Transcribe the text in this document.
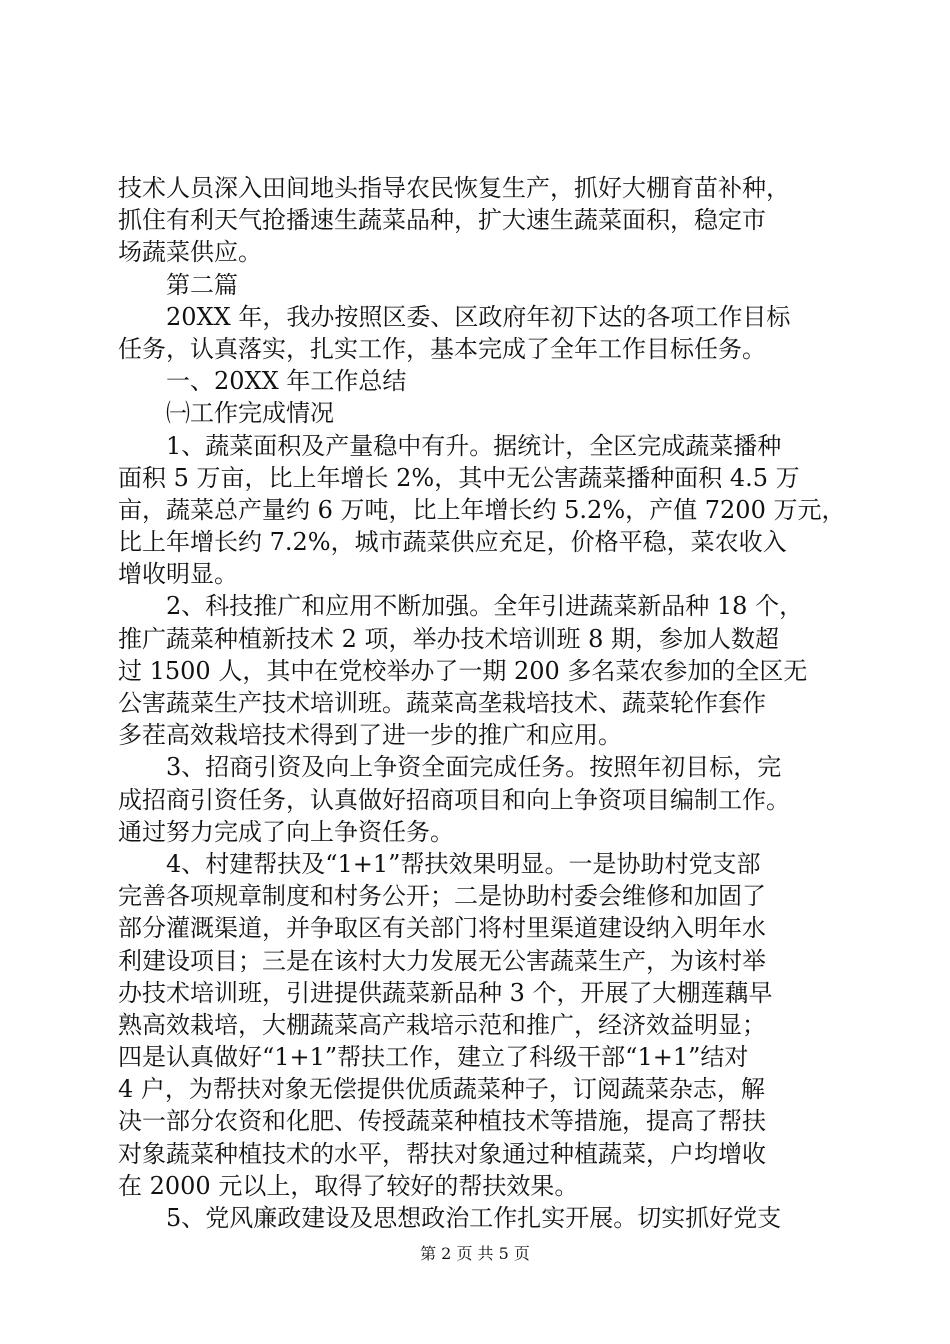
技术人员深入田间地头指导农民恢复生产，抓好大棚育苗补种，
抓住有利天气抢播速生蔬菜品种，扩大速生蔬菜面积，稳定市
场蔬菜供应。
　　第二篇
　　20XX 年，我办按照区委、区政府年初下达的各项工作目标
任务，认真落实，扎实工作，基本完成了全年工作目标任务。
　　一、20XX 年工作总结
　　㈠工作完成情况
　　1、蔬菜面积及产量稳中有升。据统计，全区完成蔬菜播种
面积 5 万亩，比上年增长 2%，其中无公害蔬菜播种面积 4.5 万
亩，蔬菜总产量约 6 万吨，比上年增长约 5.2%，产值 7200 万元，
比上年增长约 7.2%，城市蔬菜供应充足，价格平稳，菜农收入
增收明显。
　　2、科技推广和应用不断加强。全年引进蔬菜新品种 18 个，
推广蔬菜种植新技术 2 项，举办技术培训班 8 期，参加人数超
过 1500 人，其中在党校举办了一期 200 多名菜农参加的全区无
公害蔬菜生产技术培训班。蔬菜高垄栽培技术、蔬菜轮作套作
多茬高效栽培技术得到了进一步的推广和应用。
　　3、招商引资及向上争资全面完成任务。按照年初目标，完
成招商引资任务，认真做好招商项目和向上争资项目编制工作。
通过努力完成了向上争资任务。
　　4、村建帮扶及“1+1”帮扶效果明显。一是协助村党支部
完善各项规章制度和村务公开；二是协助村委会维修和加固了
部分灌溉渠道，并争取区有关部门将村里渠道建设纳入明年水
利建设项目；三是在该村大力发展无公害蔬菜生产，为该村举
办技术培训班，引进提供蔬菜新品种 3 个，开展了大棚莲藕早
熟高效栽培，大棚蔬菜高产栽培示范和推广，经济效益明显；
四是认真做好“1+1”帮扶工作，建立了科级干部“1+1”结对
4 户，为帮扶对象无偿提供优质蔬菜种子，订阅蔬菜杂志，解
决一部分农资和化肥、传授蔬菜种植技术等措施，提高了帮扶
对象蔬菜种植技术的水平，帮扶对象通过种植蔬菜，户均增收
在 2000 元以上，取得了较好的帮扶效果。
　　5、党风廉政建设及思想政治工作扎实开展。切实抓好党支
第 2 页 共 5 页
